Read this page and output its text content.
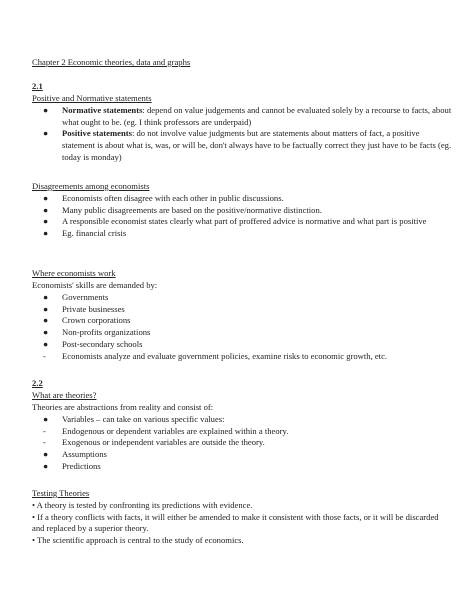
Chapter 2 Economic theories, data and graphs
2.1
Positive and Normative statements
● Normative statements: depend on value judgements and cannot be evaluated solely by a recourse to facts, about what ought to be. (eg. I think professors are underpaid)
● Positive statements: do not involve value judgments but are statements about matters of fact, a positive statement is about what is, was, or will be, don't always have to be factually correct they just have to be facts (eg. today is monday)
Disagreements among economists
● Economists often disagree with each other in public discussions.
● Many public disagreements are based on the positive/normative distinction.
● A responsible economist states clearly what part of proffered advice is normative and what part is positive
● Eg. financial crisis
Where economists work
Economists' skills are demanded by:
● Governments
● Private businesses
● Crown corporations
● Non-profits organizations
● Post-secondary schools
- Economists analyze and evaluate government policies, examine risks to economic growth, etc.
2.2
What are theories?
Theories are abstractions from reality and consist of:
● Variables – can take on various specific values:
- Endogenous or dependent variables are explained within a theory.
- Exogenous or independent variables are outside the theory.
● Assumptions
● Predictions
Testing Theories

• A theory is tested by confronting its predictions with evidence.

• If a theory conflicts with facts, it will either be amended to make it consistent with those facts, or it will be discarded and replaced by a superior theory.

• The scientific approach is central to the study of economics.
